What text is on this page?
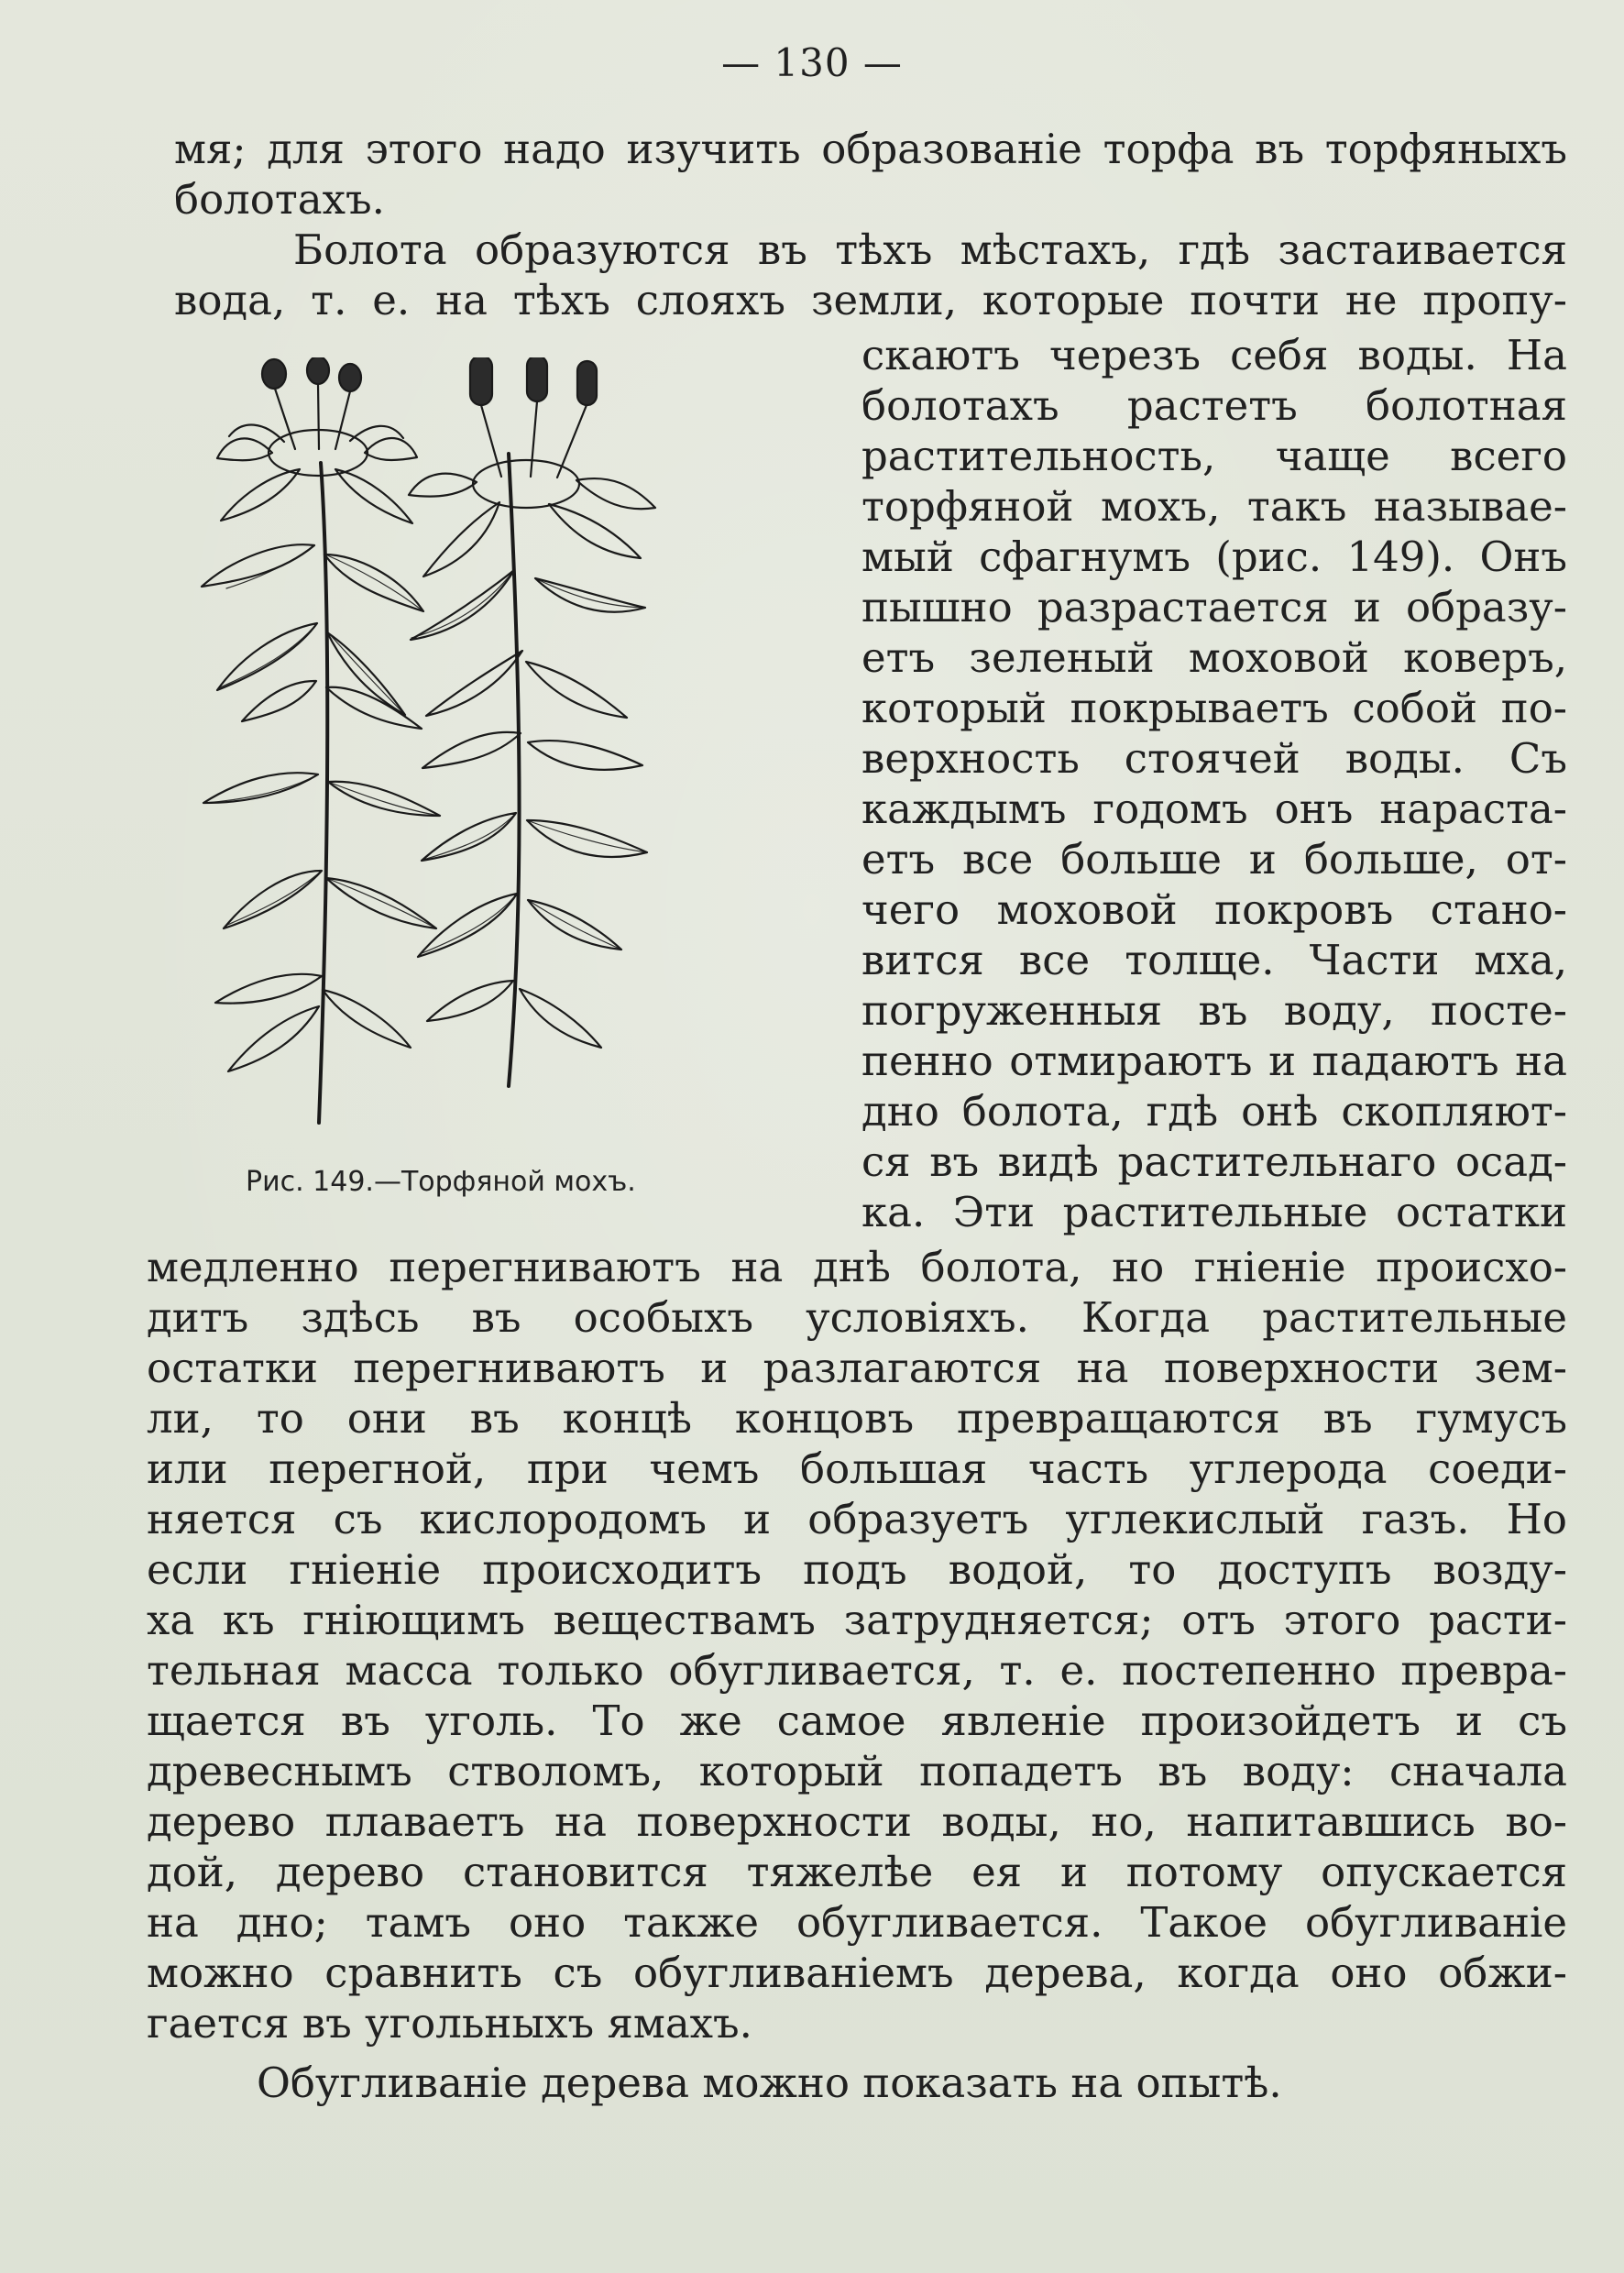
— 130 —
мя; для этого надо изучить образованіе торфа въ торфяныхъ
болотахъ.
Болота образуются въ тѣхъ мѣстахъ, гдѣ застаивается
вода, т. е. на тѣхъ слояхъ земли, которые почти не пропу-
скаютъ черезъ себя воды. На
болотахъ растетъ болотная
растительность, чаще всего
торфяной мохъ, такъ называе-
мый сфагнумъ (рис. 149). Онъ
пышно разрастается и образу-
етъ зеленый моховой коверъ,
который покрываетъ собой по-
верхность стоячей воды. Съ
каждымъ годомъ онъ нараста-
етъ все больше и больше, от-
чего моховой покровъ стано-
вится все толще. Части мха,
погруженныя въ воду, посте-
пенно отмираютъ и падаютъ на
дно болота, гдѣ онѣ скопляют-
ся въ видѣ растительнаго осад-
ка. Эти растительные остатки
Рис. 149.—Торфяной мохъ.
медленно перегниваютъ на днѣ болота, но гніеніе происхо-
дитъ здѣсь въ особыхъ условіяхъ. Когда растительные
остатки перегниваютъ и разлагаются на поверхности зем-
ли, то они въ концѣ концовъ превращаются въ гумусъ
или перегной, при чемъ большая часть углерода соеди-
няется съ кислородомъ и образуетъ углекислый газъ. Но
если гніеніе происходитъ подъ водой, то доступъ возду-
ха къ гніющимъ веществамъ затрудняется; отъ этого расти-
тельная масса только обугливается, т. е. постепенно превра-
щается въ уголь. То же самое явленіе произойдетъ и съ
древеснымъ стволомъ, который попадетъ въ воду: сначала
дерево плаваетъ на поверхности воды, но, напитавшись во-
дой, дерево становится тяжелѣе ея и потому опускается
на дно; тамъ оно также обугливается. Такое обугливаніе
можно сравнить съ обугливаніемъ дерева, когда оно обжи-
гается въ угольныхъ ямахъ.
Обугливаніе дерева можно показать на опытѣ.
